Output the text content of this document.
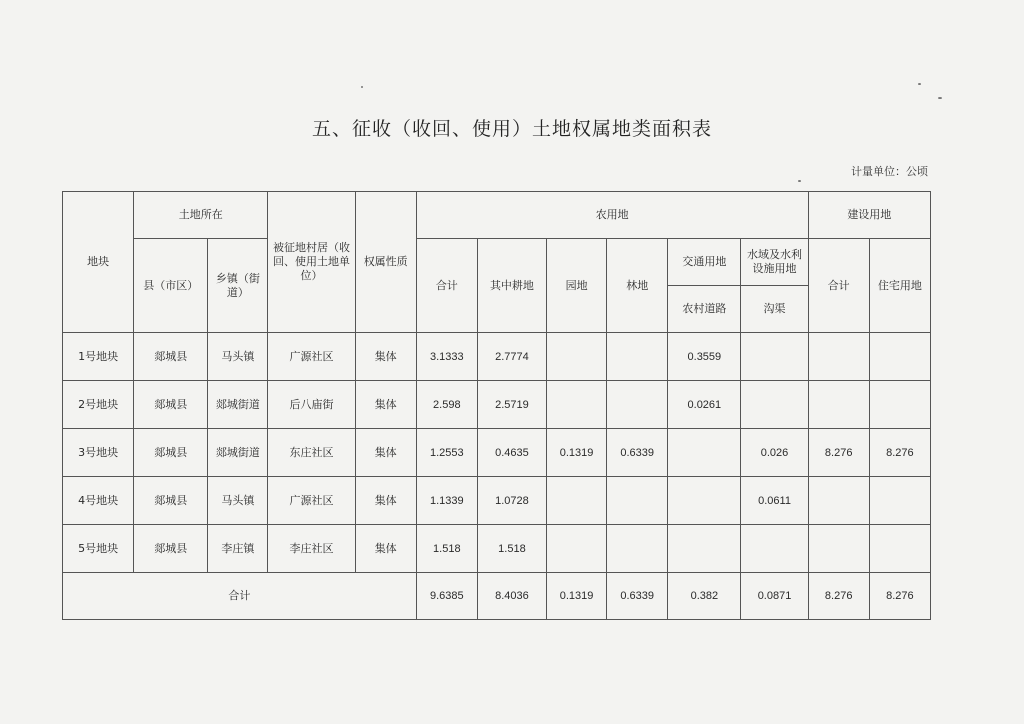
五、征收（收回、使用）土地权属地类面积表
计量单位：公顷
地块	土地所在		被征地村居（收回、使用土地单位）	权属性质	农用地						建设用地	
	县（市区）	乡镇（街道）			合计	其中耕地	园地	林地	交通用地	水域及水利设施用地	合计	住宅用地
									农村道路	沟渠		
1号地块	郯城县	马头镇	广源社区	集体	3.1333	2.7774			0.3559			
2号地块	郯城县	郯城街道	后八庙街	集体	2.598	2.5719			0.0261			
3号地块	郯城县	郯城街道	东庄社区	集体	1.2553	0.4635	0.1319	0.6339		0.026	8.276	8.276
4号地块	郯城县	马头镇	广源社区	集体	1.1339	1.0728				0.0611		
5号地块	郯城县	李庄镇	李庄社区	集体	1.518	1.518						
合计					9.6385	8.4036	0.1319	0.6339	0.382	0.0871	8.276	8.276
